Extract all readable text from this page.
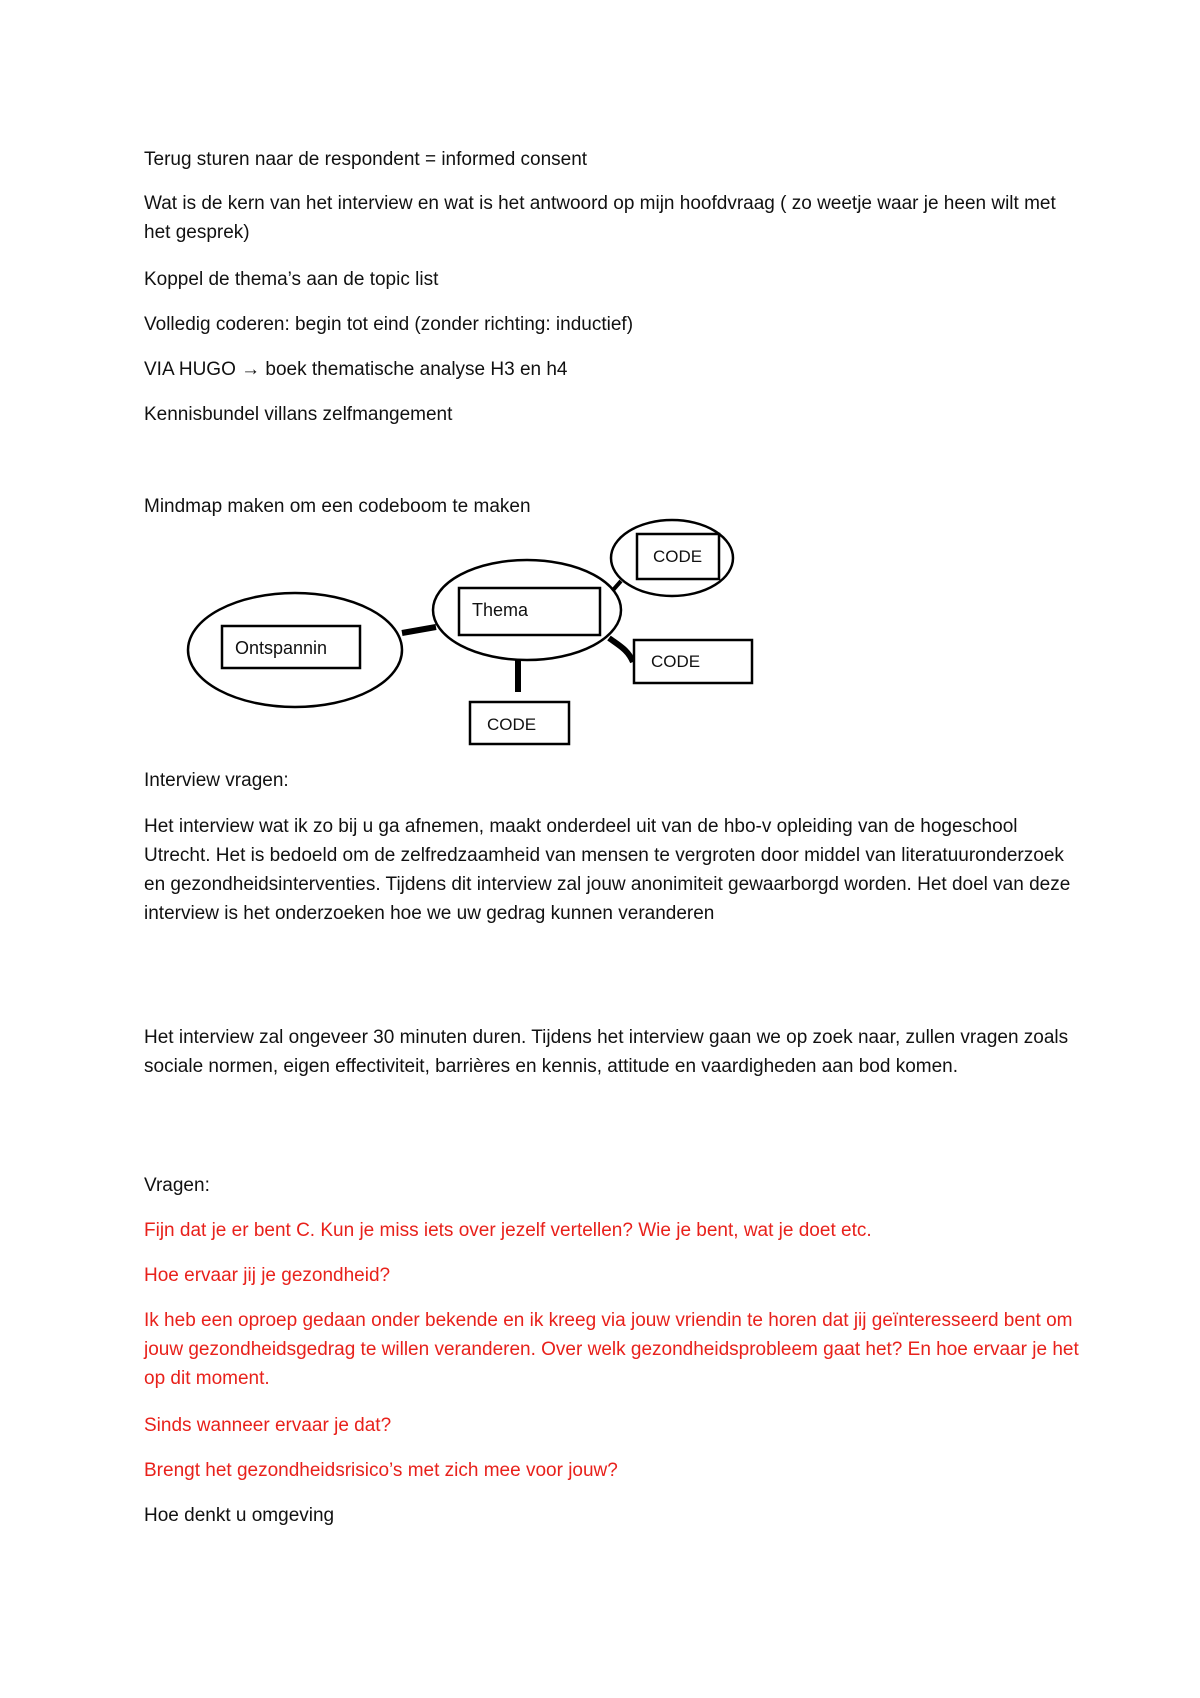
Terug sturen naar de respondent = informed consent

Wat is de kern van het interview en wat is het antwoord op mijn hoofdvraag ( zo weetje waar je heen wilt met het gesprek)

Koppel de thema’s aan de topic list

Volledig coderen: begin tot eind (zonder richting: inductief)

VIA HUGO → boek thematische analyse H3 en h4

Kennisbundel villans zelfmangement

Mindmap maken om een codeboom te maken

Ontspannin
Thema
CODE
CODE
CODE

Interview vragen:

Het interview wat ik zo bij u ga afnemen, maakt onderdeel uit van de hbo-v opleiding van de hogeschool Utrecht. Het is bedoeld om de zelfredzaamheid van mensen te vergroten door middel van literatuuronderzoek en gezondheidsinterventies. Tijdens dit interview zal jouw anonimiteit gewaarborgd worden. Het doel van deze interview is het onderzoeken hoe we uw gedrag kunnen veranderen

Het interview zal ongeveer 30 minuten duren. Tijdens het interview gaan we op zoek naar, zullen vragen zoals sociale normen, eigen effectiviteit, barrières en kennis, attitude en vaardigheden aan bod komen.

Vragen:

Fijn dat je er bent C. Kun je miss iets over jezelf vertellen? Wie je bent, wat je doet etc.

Hoe ervaar jij je gezondheid?

Ik heb een oproep gedaan onder bekende en ik kreeg via jouw vriendin te horen dat jij geïnteresseerd bent om jouw gezondheidsgedrag te willen veranderen. Over welk gezondheidsprobleem gaat het? En hoe ervaar je het op dit moment.

Sinds wanneer ervaar je dat?

Brengt het gezondheidsrisico’s met zich mee voor jouw?

Hoe denkt u omgeving
